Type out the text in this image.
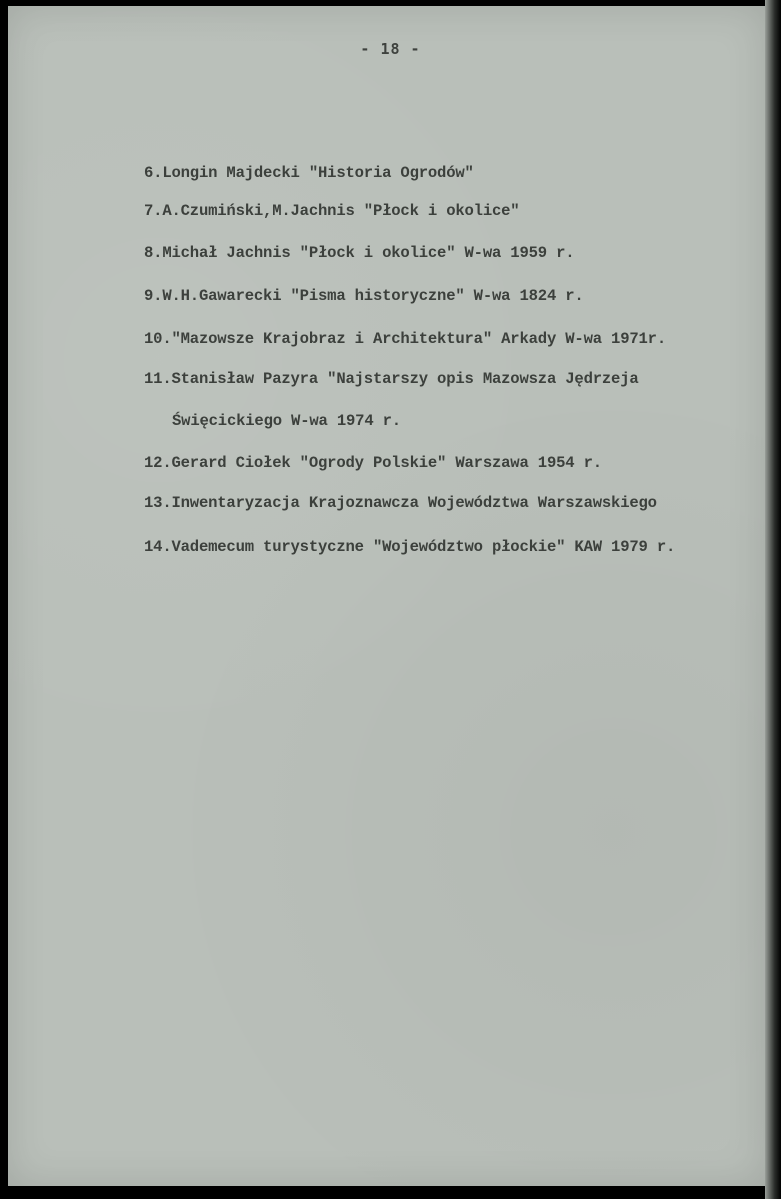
- 18 -
6.Longin Majdecki "Historia Ogrodów"
7.A.Czumiński,M.Jachnis "Płock i okolice"
8.Michał Jachnis "Płock i okolice" W-wa 1959 r.
9.W.H.Gawarecki "Pisma historyczne" W-wa 1824 r.
10."Mazowsze Krajobraz i Architektura" Arkady W-wa 1971r.
11.Stanisław Pazyra "Najstarszy opis Mazowsza Jędrzeja
Święcickiego W-wa 1974 r.
12.Gerard Ciołek "Ogrody Polskie" Warszawa 1954 r.
13.Inwentaryzacja Krajoznawcza Województwa Warszawskiego
14.Vademecum turystyczne "Województwo płockie" KAW 1979 r.
